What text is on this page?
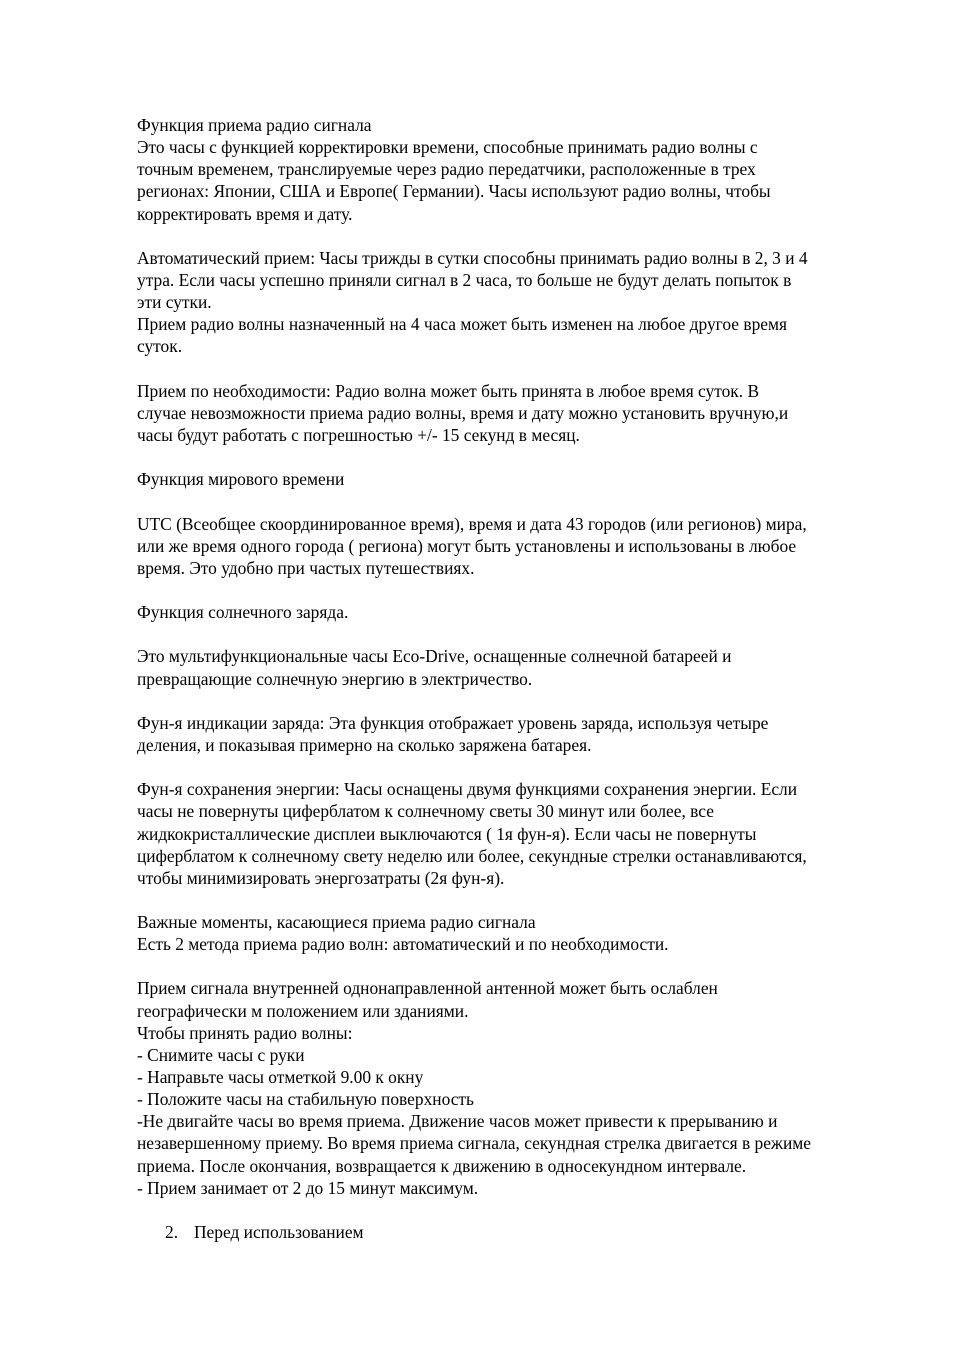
Функция приема радио сигнала
Это часы с функцией корректировки времени, способные принимать радио волны с
точным временем, транслируемые через радио передатчики, расположенные в трех
регионах: Японии, США и Европе( Германии). Часы используют радио волны, чтобы
корректировать время и дату.
Автоматический прием: Часы трижды в сутки способны принимать радио волны в 2, 3 и 4
утра. Если часы успешно приняли сигнал в 2 часа, то больше не будут делать попыток в
эти сутки.
Прием радио волны назначенный на 4 часа может быть изменен на любое другое время
суток.
Прием по необходимости: Радио волна может быть принята в любое время суток. В
случае невозможности приема радио волны, время и дату можно установить вручную,и
часы будут работать с погрешностью +/- 15 секунд в месяц.
Функция мирового времени
UTC (Всеобщее скоординированное время), время и дата 43 городов (или регионов) мира,
или же время одного города ( региона) могут быть установлены и использованы в любое
время. Это удобно при частых путешествиях.
Функция солнечного заряда.
Это мультифункциональные часы Eco-Drive, оснащенные солнечной батареей и
превращающие солнечную энергию в электричество.
Фун-я индикации заряда: Эта функция отображает уровень заряда, используя четыре
деления, и показывая примерно на сколько заряжена батарея.
Фун-я сохранения энергии: Часы оснащены двумя функциями сохранения энергии. Если
часы не повернуты циферблатом к солнечному светы 30 минут или более, все
жидкокристаллические дисплеи выключаются ( 1я фун-я). Если часы не повернуты
циферблатом к солнечному свету неделю или более, секундные стрелки останавливаются,
чтобы минимизировать энергозатраты (2я фун-я).
Важные моменты, касающиеся приема радио сигнала
Есть 2 метода приема радио волн: автоматический и по необходимости.
Прием сигнала внутренней однонаправленной антенной может быть ослаблен
географически м положением или зданиями.
Чтобы принять радио волны:
- Снимите часы с руки
- Направьте часы отметкой 9.00 к окну
- Положите часы на стабильную поверхность
-Не двигайте часы во время приема. Движение часов может привести к прерыванию и
незавершенному приему. Во время приема сигнала, секундная стрелка двигается в режиме
приема. После окончания, возвращается к движению в односекундном интервале.
- Прием занимает от 2 до 15 минут максимум.
2. Перед использованием
